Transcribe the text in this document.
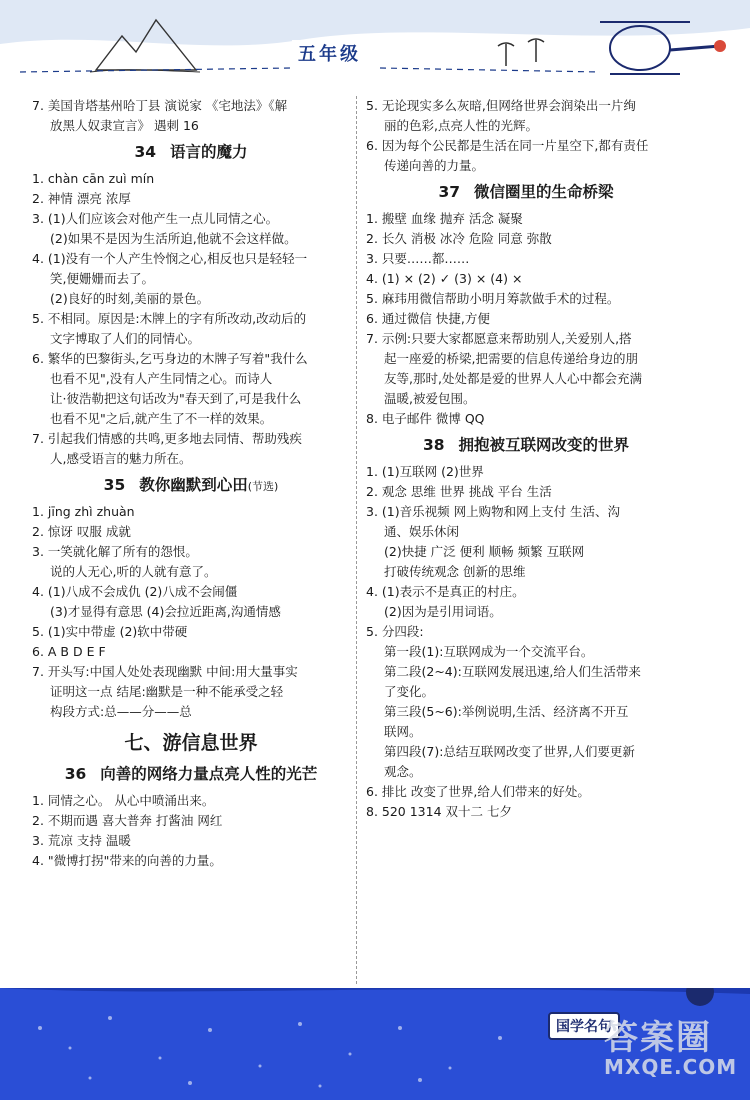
五年级

7. 美国肯塔基州哈丁县 演说家 《宅地法》《解

放黑人奴隶宣言》 遇刺 16

34 语言的魔力

1. chàn cān zuì mín

2. 神情 漂亮 浓厚

3. (1)人们应该会对他产生一点儿同情之心。

(2)如果不是因为生活所迫,他就不会这样做。

4. (1)没有一个人产生怜悯之心,相反也只是轻轻一

笑,便姗姗而去了。

(2)良好的时刻,美丽的景色。

5. 不相同。原因是:木牌上的字有所改动,改动后的

文字博取了人们的同情心。

6. 繁华的巴黎街头,乞丐身边的木牌子写着"我什么

也看不见",没有人产生同情之心。而诗人

让·彼浩勒把这句话改为"春天到了,可是我什么

也看不见"之后,就产生了不一样的效果。

7. 引起我们情感的共鸣,更多地去同情、帮助残疾

人,感受语言的魅力所在。

35 教你幽默到心田(节选)

1. jīng zhì zhuàn

2. 惊讶 叹服 成就

3. 一笑就化解了所有的怨恨。

说的人无心,听的人就有意了。

4. (1)八成不会成仇 (2)八成不会闹僵

(3)才显得有意思 (4)会拉近距离,沟通情感

5. (1)实中带虚 (2)软中带硬

6. A B D E F

7. 开头写:中国人处处表现幽默 中间:用大量事实

证明这一点 结尾:幽默是一种不能承受之轻

构段方式:总——分——总

七、游信息世界
36 向善的网络力量点亮人性的光芒

1. 同情之心。 从心中喷涌出来。

2. 不期而遇 喜大普奔 打酱油 网红

3. 荒凉 支持 温暖

4. "微博打拐"带来的向善的力量。

5. 无论现实多么灰暗,但网络世界会润染出一片绚

丽的色彩,点亮人性的光辉。

6. 因为每个公民都是生活在同一片星空下,都有责任

传递向善的力量。

37 微信圈里的生命桥梁

1. 搬壁 血缘 抛弃 活念 凝聚

2. 长久 消极 冰冷 危险 同意 弥散

3. 只要……都……

4. (1) × (2) ✓ (3) × (4) ×

5. 麻玮用微信帮助小明月筹款做手术的过程。

6. 通过微信 快捷,方便

7. 示例:只要大家都愿意来帮助别人,关爱别人,搭

起一座爱的桥梁,把需要的信息传递给身边的朋

友等,那时,处处都是爱的世界人人心中都会充满

温暖,被爱包围。

8. 电子邮件 微博 QQ

38 拥抱被互联网改变的世界

1. (1)互联网 (2)世界

2. 观念 思维 世界 挑战 平台 生活

3. (1)音乐视频 网上购物和网上支付 生活、沟

通、娱乐休闲

(2)快捷 广泛 便利 顺畅 频繁 互联网

打破传统观念 创新的思维

4. (1)表示不是真正的村庄。

(2)因为是引用词语。

5. 分四段:

第一段(1):互联网成为一个交流平台。

第二段(2~4):互联网发展迅速,给人们生活带来

了变化。

第三段(5~6):举例说明,生活、经济离不开互

联网。

第四段(7):总结互联网改变了世界,人们要更新

观念。

6. 排比 改变了世界,给人们带来的好处。

8. 520 1314 双十二 七夕

国学名句
答案圈
MXQE.COM
